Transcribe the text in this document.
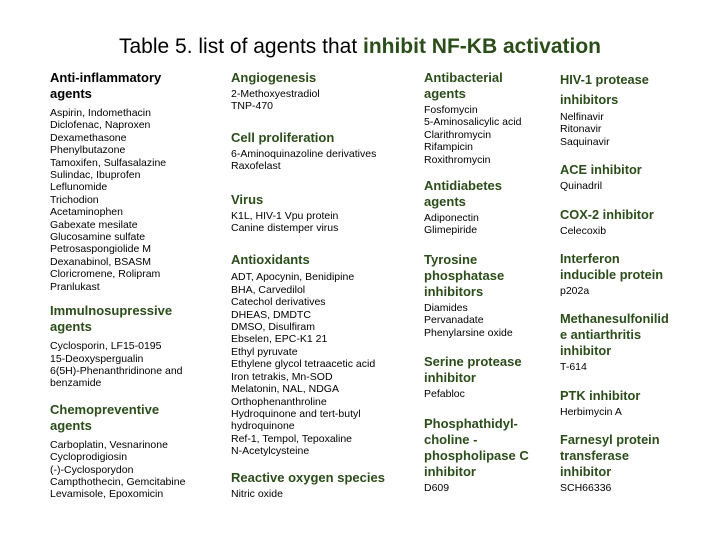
Table 5. list of agents that inhibit NF-KB activation
Anti-inflammatory
agents
Aspirin, Indomethacin
Diclofenac, Naproxen
Dexamethasone
Phenylbutazone
Tamoxifen, Sulfasalazine
Sulindac, Ibuprofen
Leflunomide
Trichodion
Acetaminophen
Gabexate mesilate
Glucosamine sulfate
Petrosaspongiolide M
Dexanabinol, BSASM
Cloricromene, Rolipram
Pranlukast
Immulnosupressive
agents
Cyclosporin, LF15-0195
15-Deoxyspergualin
6(5H)-Phenanthridinone and
benzamide
Chemopreventive
agents
Carboplatin, Vesnarinone
Cycloprodigiosin
(-)-Cyclosporydon
Campthothecin, Gemcitabine
Levamisole, Epoxomicin
Angiogenesis
2-Methoxyestradiol
TNP-470
Cell proliferation
6-Aminoquinazoline derivatives
Raxofelast
Virus
K1L, HIV-1 Vpu protein
Canine distemper virus
Antioxidants
ADT, Apocynin, Benidipine
BHA, Carvedilol
Catechol derivatives
DHEAS, DMDTC
DMSO, Disulfiram
Ebselen, EPC-K1 21
Ethyl pyruvate
Ethylene glycol tetraacetic acid
Iron tetrakis, Mn-SOD
Melatonin, NAL, NDGA
Orthophenanthroline
Hydroquinone and tert-butyl
hydroquinone
Ref-1, Tempol, Tepoxaline
N-Acetylcysteine
Reactive oxygen species
Nitric oxide
Antibacterial
agents
Fosfomycin
5-Aminosalicylic acid
Clarithromycin
Rifampicin
Roxithromycin
Antidiabetes
agents
Adiponectin
Glimepiride
Tyrosine
phosphatase
inhibitors
Diamides
Pervanadate
Phenylarsine oxide
Serine protease
inhibitor
Pefabloc
Phosphathidyl-
choline -
phospholipase C
inhibitor
D609
HIV-1 protease
inhibitors
Nelfinavir
Ritonavir
Saquinavir
ACE inhibitor
Quinadril
COX-2 inhibitor
Celecoxib
Interferon
inducible protein
p202a
Methanesulfonilid
e antiarthritis
inhibitor
T-614
PTK inhibitor
Herbimycin A
Farnesyl protein
transferase
inhibitor
SCH66336
